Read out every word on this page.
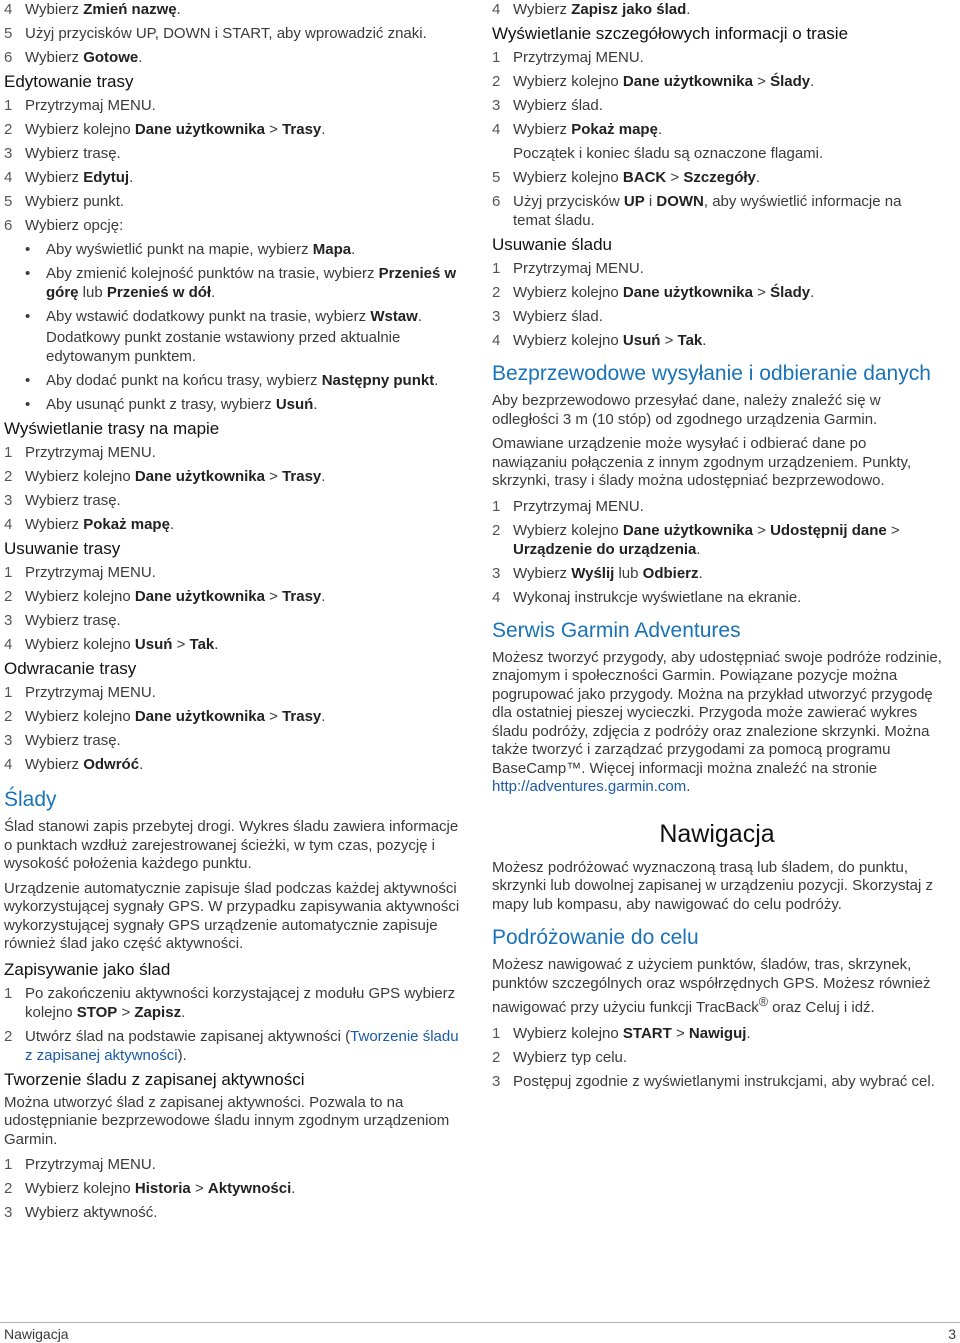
4 Wybierz Zmień nazwę.
5 Użyj przycisków UP, DOWN i START, aby wprowadzić znaki.
6 Wybierz Gotowe.
Edytowanie trasy
1 Przytrzymaj MENU.
2 Wybierz kolejno Dane użytkownika > Trasy.
3 Wybierz trasę.
4 Wybierz Edytuj.
5 Wybierz punkt.
6 Wybierz opcję:
• Aby wyświetlić punkt na mapie, wybierz Mapa.
• Aby zmienić kolejność punktów na trasie, wybierz Przenieś w górę lub Przenieś w dół.
• Aby wstawić dodatkowy punkt na trasie, wybierz Wstaw.
Dodatkowy punkt zostanie wstawiony przed aktualnie edytowanym punktem.
• Aby dodać punkt na końcu trasy, wybierz Następny punkt.
• Aby usunąć punkt z trasy, wybierz Usuń.
Wyświetlanie trasy na mapie
1 Przytrzymaj MENU.
2 Wybierz kolejno Dane użytkownika > Trasy.
3 Wybierz trasę.
4 Wybierz Pokaż mapę.
Usuwanie trasy
1 Przytrzymaj MENU.
2 Wybierz kolejno Dane użytkownika > Trasy.
3 Wybierz trasę.
4 Wybierz kolejno Usuń > Tak.
Odwracanie trasy
1 Przytrzymaj MENU.
2 Wybierz kolejno Dane użytkownika > Trasy.
3 Wybierz trasę.
4 Wybierz Odwróć.
Ślady
Ślad stanowi zapis przebytej drogi. Wykres śladu zawiera informacje o punktach wzdłuż zarejestrowanej ścieżki, w tym czas, pozycję i wysokość położenia każdego punktu.
Urządzenie automatycznie zapisuje ślad podczas każdej aktywności wykorzystującej sygnały GPS. W przypadku zapisywania aktywności wykorzystującej sygnały GPS urządzenie automatycznie zapisuje również ślad jako część aktywności.
Zapisywanie jako ślad
1 Po zakończeniu aktywności korzystającej z modułu GPS wybierz kolejno STOP > Zapisz.
2 Utwórz ślad na podstawie zapisanej aktywności (Tworzenie śladu z zapisanej aktywności).
Tworzenie śladu z zapisanej aktywności
Można utworzyć ślad z zapisanej aktywności. Pozwala to na udostępnianie bezprzewodowe śladu innym zgodnym urządzeniom Garmin.
1 Przytrzymaj MENU.
2 Wybierz kolejno Historia > Aktywności.
3 Wybierz aktywność.
4 Wybierz Zapisz jako ślad.
Wyświetlanie szczegółowych informacji o trasie
1 Przytrzymaj MENU.
2 Wybierz kolejno Dane użytkownika > Ślady.
3 Wybierz ślad.
4 Wybierz Pokaż mapę.
Początek i koniec śladu są oznaczone flagami.
5 Wybierz kolejno BACK > Szczegóły.
6 Użyj przycisków UP i DOWN, aby wyświetlić informacje na temat śladu.
Usuwanie śladu
1 Przytrzymaj MENU.
2 Wybierz kolejno Dane użytkownika > Ślady.
3 Wybierz ślad.
4 Wybierz kolejno Usuń > Tak.
Bezprzewodowe wysyłanie i odbieranie danych
Aby bezprzewodowo przesyłać dane, należy znaleźć się w odległości 3 m (10 stóp) od zgodnego urządzenia Garmin.
Omawiane urządzenie może wysyłać i odbierać dane po nawiązaniu połączenia z innym zgodnym urządzeniem. Punkty, skrzynki, trasy i ślady można udostępniać bezprzewodowo.
1 Przytrzymaj MENU.
2 Wybierz kolejno Dane użytkownika > Udostępnij dane > Urządzenie do urządzenia.
3 Wybierz Wyślij lub Odbierz.
4 Wykonaj instrukcje wyświetlane na ekranie.
Serwis Garmin Adventures
Możesz tworzyć przygody, aby udostępniać swoje podróże rodzinie, znajomym i społeczności Garmin. Powiązane pozycje można pogrupować jako przygody. Można na przykład utworzyć przygodę dla ostatniej pieszej wycieczki. Przygoda może zawierać wykres śladu podróży, zdjęcia z podróży oraz znalezione skrzynki. Można także tworzyć i zarządzać przygodami za pomocą programu BaseCamp™. Więcej informacji można znaleźć na stronie http://adventures.garmin.com.
Nawigacja
Możesz podróżować wyznaczoną trasą lub śladem, do punktu, skrzynki lub dowolnej zapisanej w urządzeniu pozycji. Skorzystaj z mapy lub kompasu, aby nawigować do celu podróży.
Podróżowanie do celu
Możesz nawigować z użyciem punktów, śladów, tras, skrzynek, punktów szczególnych oraz współrzędnych GPS. Możesz również nawigować przy użyciu funkcji TracBack® oraz Celuj i idź.
1 Wybierz kolejno START > Nawiguj.
2 Wybierz typ celu.
3 Postępuj zgodnie z wyświetlanymi instrukcjami, aby wybrać cel.
Nawigacja	3
